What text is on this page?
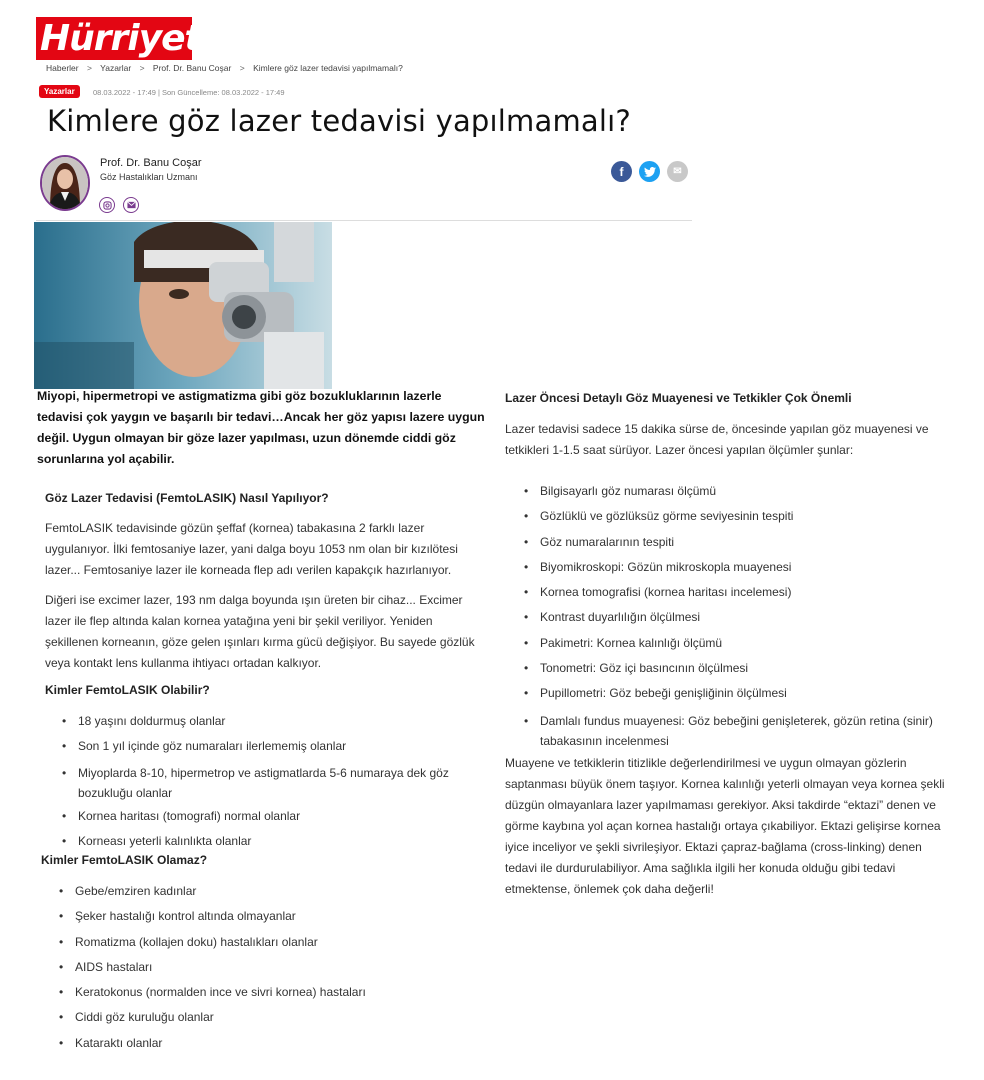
Hürriyet
Haberler > Yazarlar > Prof. Dr. Banu Coşar > Kimlere göz lazer tedavisi yapılmamalı?
Yazarlar	08.03.2022 - 17:49 | Son Güncelleme: 08.03.2022 - 17:49
Kimlere göz lazer tedavisi yapılmamalı?
Prof. Dr. Banu Coşar
Göz Hastalıkları Uzmanı	f	✉
Miyopi, hipermetropi ve astigmatizma gibi göz bozukluklarının lazerle tedavisi çok yaygın ve başarılı bir tedavi…Ancak her göz yapısı lazere uygun değil. Uygun olmayan bir göze lazer yapılması, uzun dönemde ciddi göz sorunlarına yol açabilir.
Göz Lazer Tedavisi (FemtoLASIK) Nasıl Yapılıyor?
FemtoLASIK tedavisinde gözün şeffaf (kornea) tabakasına 2 farklı lazer uygulanıyor. İlki femtosaniye lazer, yani dalga boyu 1053 nm olan bir kızılötesi lazer... Femtosaniye lazer ile korneada flep adı verilen kapakçık hazırlanıyor.
Diğeri ise excimer lazer, 193 nm dalga boyunda ışın üreten bir cihaz... Excimer lazer ile flep altında kalan kornea yatağına yeni bir şekil veriliyor. Yeniden şekillenen korneanın, göze gelen ışınları kırma gücü değişiyor. Bu sayede gözlük veya kontakt lens kullanma ihtiyacı ortadan kalkıyor.
Kimler FemtoLASIK Olabilir?
• 18 yaşını doldurmuş olanlar
• Son 1 yıl içinde göz numaraları ilerlememiş olanlar
• Miyoplarda 8-10, hipermetrop ve astigmatlarda 5-6 numaraya dek göz bozukluğu olanlar
• Kornea haritası (tomografi) normal olanlar
• Korneası yeterli kalınlıkta olanlar
Kimler FemtoLASIK Olamaz?
• Gebe/emziren kadınlar
• Şeker hastalığı kontrol altında olmayanlar
• Romatizma (kollajen doku) hastalıkları olanlar
• AIDS hastaları
• Keratokonus (normalden ince ve sivri kornea) hastaları
• Ciddi göz kuruluğu olanlar
• Kataraktı olanlar
Lazer Öncesi Detaylı Göz Muayenesi ve Tetkikler Çok Önemli
Lazer tedavisi sadece 15 dakika sürse de, öncesinde yapılan göz muayenesi ve tetkikleri 1-1.5 saat sürüyor. Lazer öncesi yapılan ölçümler şunlar:
• Bilgisayarlı göz numarası ölçümü
• Gözlüklü ve gözlüksüz görme seviyesinin tespiti
• Göz numaralarının tespiti
• Biyomikroskopi: Gözün mikroskopla muayenesi
• Kornea tomografisi (kornea haritası incelemesi)
• Kontrast duyarlılığın ölçülmesi
• Pakimetri: Kornea kalınlığı ölçümü
• Tonometri: Göz içi basıncının ölçülmesi
• Pupillometri: Göz bebeği genişliğinin ölçülmesi
• Damlalı fundus muayenesi: Göz bebeğini genişleterek, gözün retina (sinir) tabakasının incelenmesi
Muayene ve tetkiklerin titizlikle değerlendirilmesi ve uygun olmayan gözlerin saptanması büyük önem taşıyor. Kornea kalınlığı yeterli olmayan veya kornea şekli düzgün olmayanlara lazer yapılmaması gerekiyor. Aksi takdirde “ektazi” denen ve görme kaybına yol açan kornea hastalığı ortaya çıkabiliyor. Ektazi gelişirse kornea iyice inceliyor ve şekli sivrileşiyor. Ektazi çapraz-bağlama (cross-linking) denen tedavi ile durdurulabiliyor. Ama sağlıkla ilgili her konuda olduğu gibi tedavi etmektense, önlemek çok daha değerli!
